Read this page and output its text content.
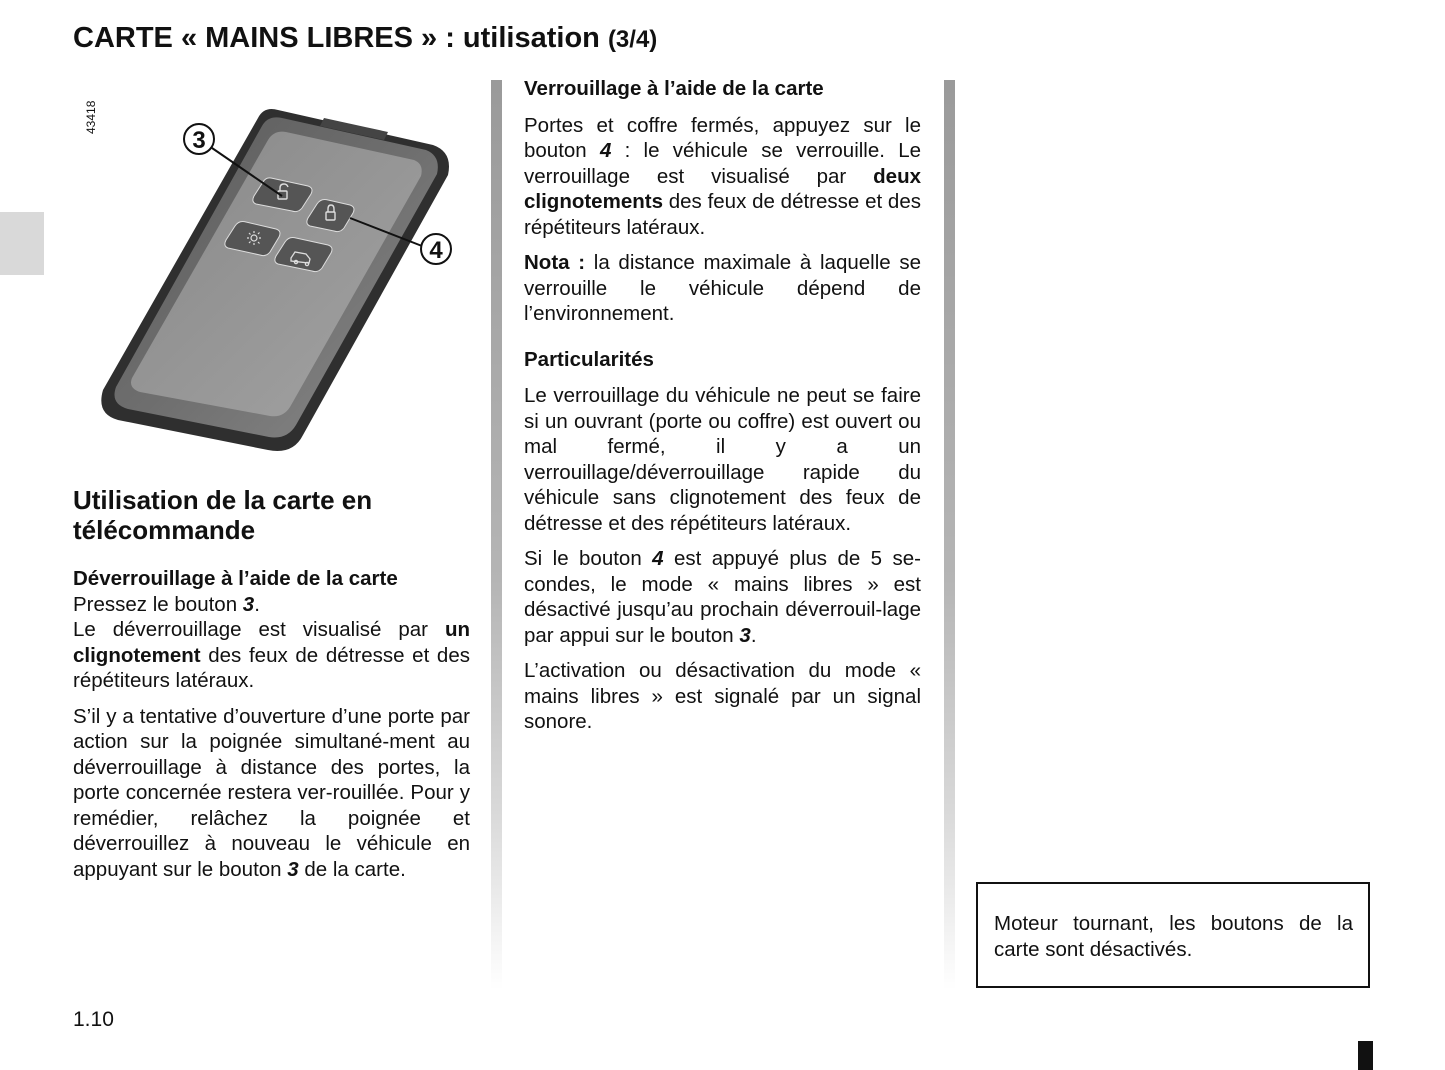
CARTE « MAINS LIBRES » : utilisation (3/4)
43418
3
4
Utilisation de la carte en télécommande

Déverrouillage à l’aide de la carte

Pressez le bouton 3.

Le déverrouillage est visualisé par un clignotement des feux de détresse et des répétiteurs latéraux.

S’il y a tentative d’ouverture d’une porte par action sur la poignée simultané-ment au déverrouillage à distance des portes, la porte concernée restera ver-rouillée. Pour y remédier, relâchez la poignée et déverrouillez à nouveau le véhicule en appuyant sur le bouton 3 de la carte.

Verrouillage à l’aide de la carte

Portes et coffre fermés, appuyez sur le bouton 4 : le véhicule se verrouille. Le verrouillage est visualisé par deux clignotements des feux de détresse et des répétiteurs latéraux.

Nota : la distance maximale à laquelle se verrouille le véhicule dépend de l’environnement.

Particularités

Le verrouillage du véhicule ne peut se faire si un ouvrant (porte ou coffre) est ouvert ou mal fermé, il y a un verrouillage/déverrouillage rapide du véhicule sans clignotement des feux de détresse et des répétiteurs latéraux.

Si le bouton 4 est appuyé plus de 5 se-condes, le mode « mains libres » est désactivé jusqu’au prochain déverrouil-lage par appui sur le bouton 3.

L’activation ou désactivation du mode « mains libres » est signalé par un signal sonore.

Moteur tournant, les boutons de la carte sont désactivés.

1.10
